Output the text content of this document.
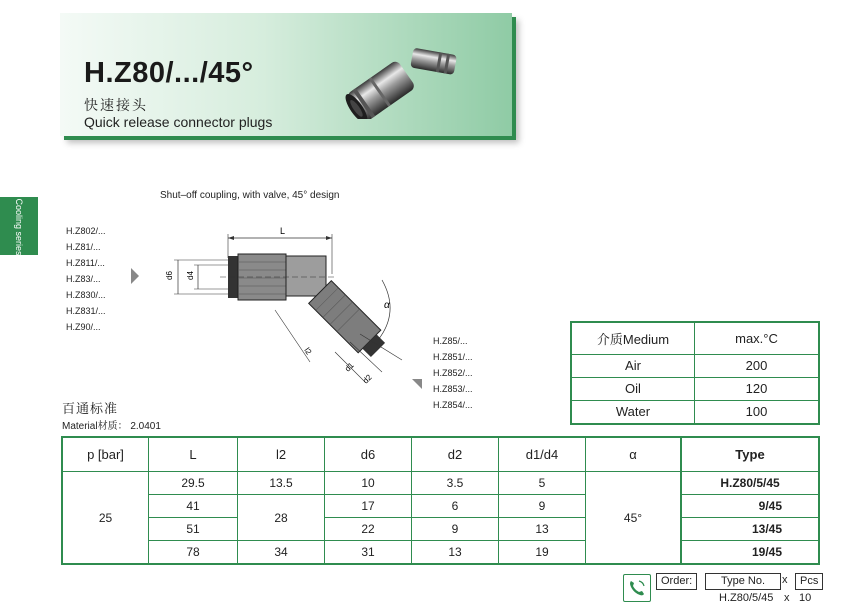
H.Z80/.../45°
快速接头
Quick release connector plugs
Cooling series
Shut–off coupling, with valve, 45° design
H.Z802/...
H.Z81/...
H.Z811/...
H.Z83/...
H.Z830/...
H.Z831/...
H.Z90/...
H.Z85/...
H.Z851/...
H.Z852/...
H.Z853/...
H.Z854/...
L
d6 d4
α
l2
d1
d2
介质Medium	max.°C
Air	200
Oil	120
Water	100
百通标准
Material材质： 2.0401
p [bar]	L	l2	d6	d2	d1/d4	α	Type
25	29.5	13.5	10	3.5	5	45°	H.Z80/5/45
	41	28	17	6	9		9/45
	51		22	9	13		13/45
	78	34	31	13	19		19/45
Order:	Type No.	x	Pcs
H.Z80/5/45 x 10
